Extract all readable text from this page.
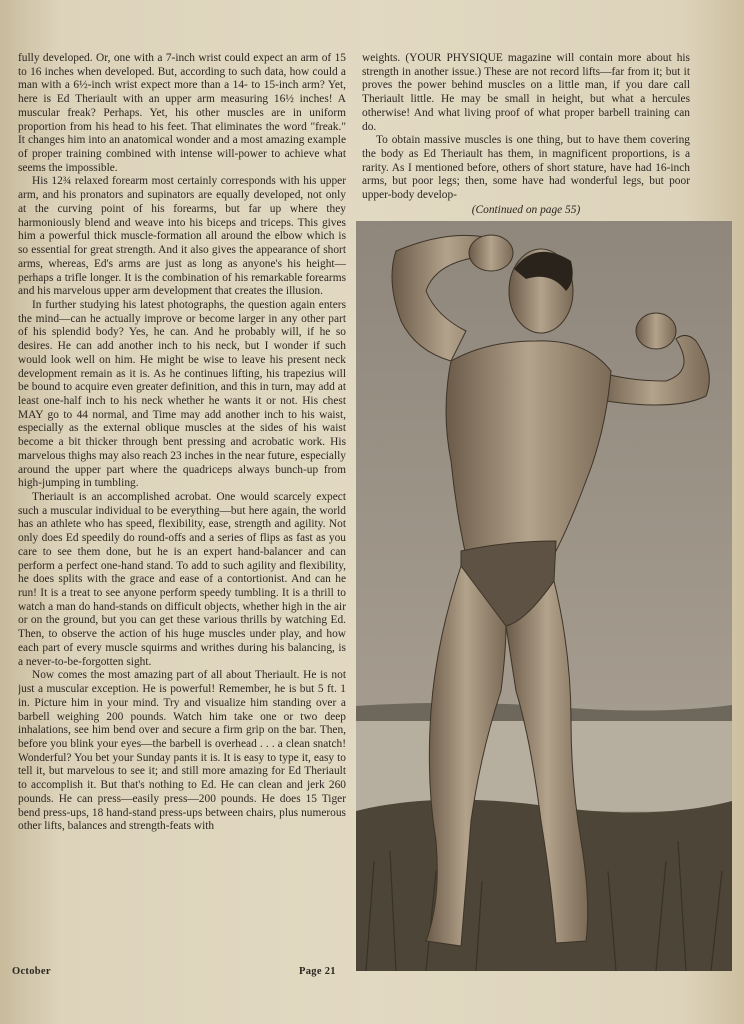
fully developed. Or, one with a 7-inch wrist could expect an arm of 15 to 16 inches when developed. But, according to such data, how could a man with a 6½-inch wrist expect more than a 14- to 15-inch arm? Yet, here is Ed Theriault with an upper arm measuring 16½ inches! A muscular freak? Perhaps. Yet, his other muscles are in uniform proportion from his head to his feet. That eliminates the word "freak." It changes him into an anatomical wonder and a most amazing example of proper training combined with intense will-power to achieve what seems the impossible.

His 12¾ relaxed forearm most certainly corresponds with his upper arm, and his pronators and supinators are equally developed, not only at the curving point of his forearms, but far up where they harmoniously blend and weave into his biceps and triceps. This gives him a powerful thick muscle-formation all around the elbow which is so essential for great strength. And it also gives the appearance of short arms, whereas, Ed's arms are just as long as anyone's his height—perhaps a trifle longer. It is the combination of his remarkable forearms and his marvelous upper arm development that creates the illusion.

In further studying his latest photographs, the question again enters the mind—can he actually improve or become larger in any other part of his splendid body? Yes, he can. And he probably will, if he so desires. He can add another inch to his neck, but I wonder if such would look well on him. He might be wise to leave his present neck development remain as it is. As he continues lifting, his trapezius will be bound to acquire even greater definition, and this in turn, may add at least one-half inch to his neck whether he wants it or not. His chest MAY go to 44 normal, and Time may add another inch to his waist, especially as the external oblique muscles at the sides of his waist become a bit thicker through bent pressing and acrobatic work. His marvelous thighs may also reach 23 inches in the near future, especially around the upper part where the quadriceps always bunch-up from high-jumping in tumbling.

Theriault is an accomplished acrobat. One would scarcely expect such a muscular individual to be everything—but here again, the world has an athlete who has speed, flexibility, ease, strength and agility. Not only does Ed speedily do round-offs and a series of flips as fast as you care to see them done, but he is an expert hand-balancer and can perform a perfect one-hand stand. To add to such agility and flexibility, he does splits with the grace and ease of a contortionist. And can he run! It is a treat to see anyone perform speedy tumbling. It is a thrill to watch a man do hand-stands on difficult objects, whether high in the air or on the ground, but you can get these various thrills by watching Ed. Then, to observe the action of his huge muscles under play, and how each part of every muscle squirms and writhes during his balancing, is a never-to-be-forgotten sight.

Now comes the most amazing part of all about Theriault. He is not just a muscular exception. He is powerful! Remember, he is but 5 ft. 1 in. Picture him in your mind. Try and visualize him standing over a barbell weighing 200 pounds. Watch him take one or two deep inhalations, see him bend over and secure a firm grip on the bar. Then, before you blink your eyes—the barbell is overhead . . . a clean snatch! Wonderful? You bet your Sunday pants it is. It is easy to type it, easy to tell it, but marvelous to see it; and still more amazing for Ed Theriault to accomplish it. But that's nothing to Ed. He can clean and jerk 260 pounds. He can press—easily press—200 pounds. He does 15 Tiger bend press-ups, 18 hand-stand press-ups between chairs, plus numerous other lifts, balances and strength-feats with

weights. (YOUR PHYSIQUE magazine will contain more about his strength in another issue.) These are not record lifts—far from it; but it proves the power behind muscles on a little man, if you dare call Theriault little. He may be small in height, but what a hercules otherwise! And what living proof of what proper barbell training can do.

To obtain massive muscles is one thing, but to have them covering the body as Ed Theriault has them, in magnificent proportions, is a rarity. As I mentioned before, others of short stature, have had 16-inch arms, but poor legs; then, some have had wonderful legs, but poor upper-body develop-

(Continued on page 55)
October	Page 21
